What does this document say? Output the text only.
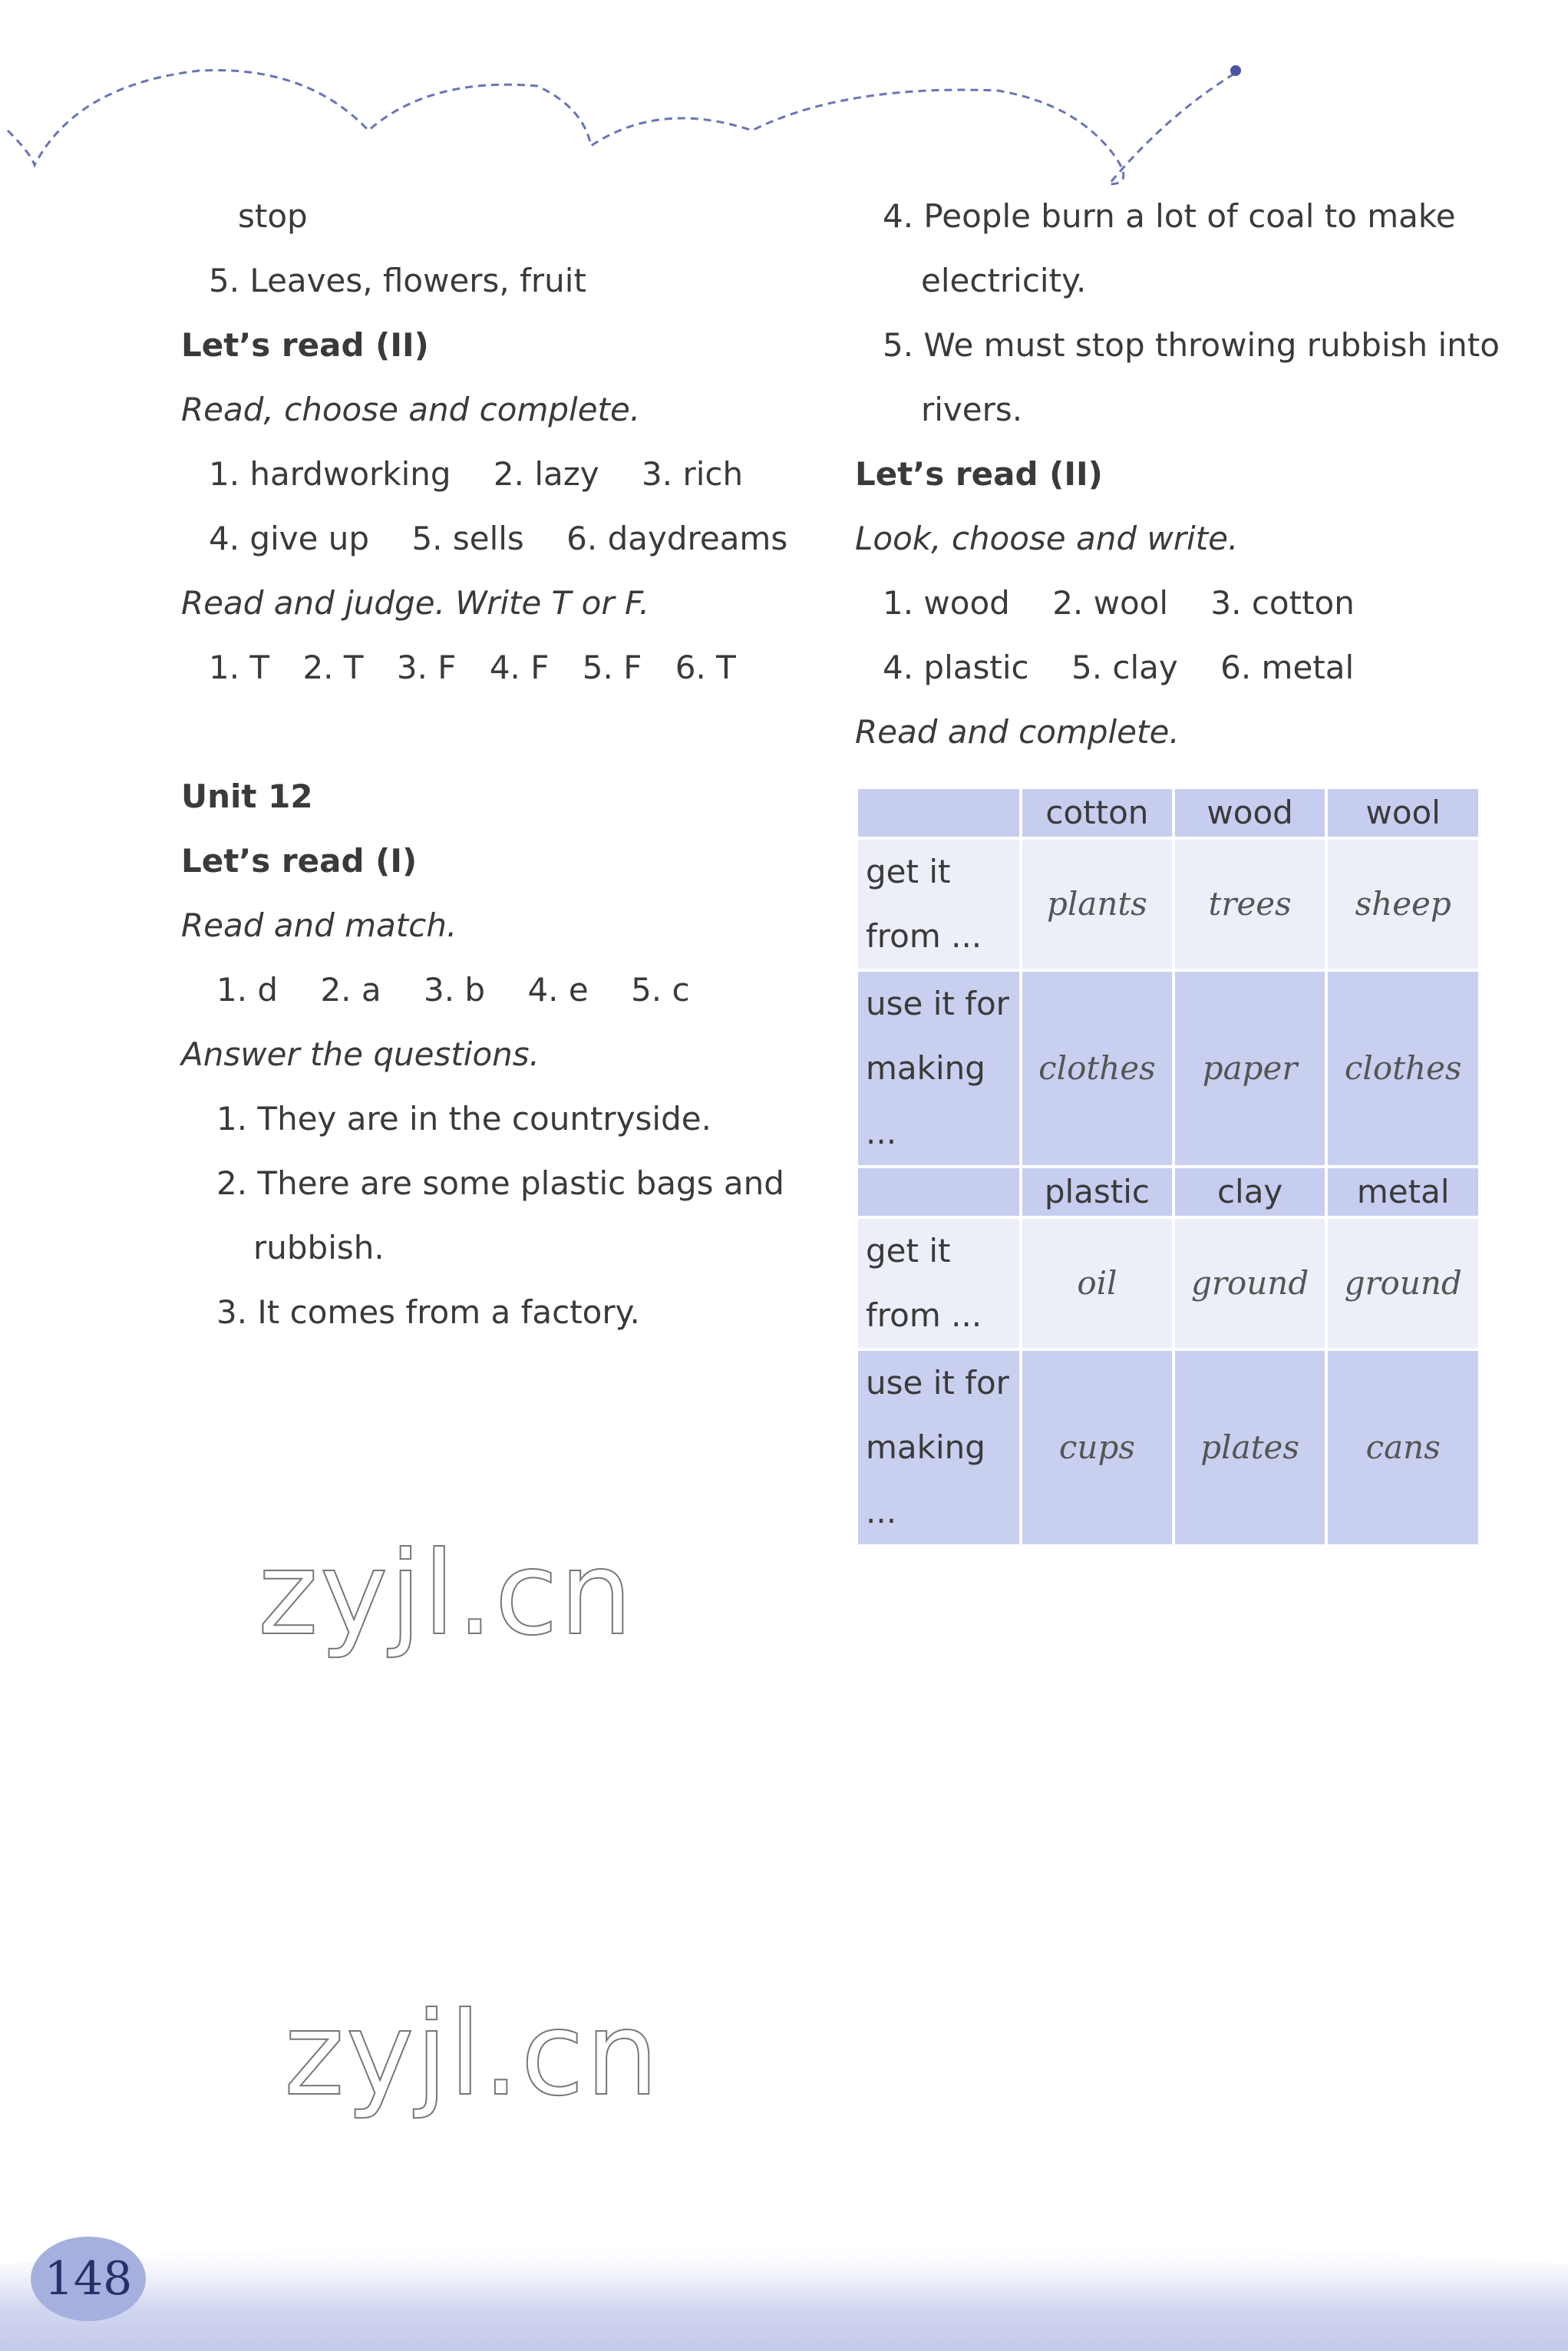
stop
5. Leaves, flowers, fruit
Let’s read (II)
Read, choose and complete.
1. hardworking 2. lazy 3. rich
4. give up 5. sells 6. daydreams
Read and judge. Write T or F.
1. T 2. T 3. F 4. F 5. F 6. T
Unit 12
Let’s read (I)
Read and match.
1. d 2. a 3. b 4. e 5. c
Answer the questions.
1. They are in the countryside.
2. There are some plastic bags and
rubbish.
3. It comes from a factory.
4. People burn a lot of coal to make
electricity.
5. We must stop throwing rubbish into
rivers.
Let’s read (II)
Look, choose and write.
1. wood 2. wool 3. cotton
4. plastic 5. clay 6. metal
Read and complete.
	cotton	wood	wool
get it
from ...	plants	trees	sheep
use it for
making ...	clothes	paper	clothes
	plastic	clay	metal
get it
from ...	oil	ground	ground
use it for
making ...	cups	plates	cans
zyjl.cn
zyjl.cn
148
